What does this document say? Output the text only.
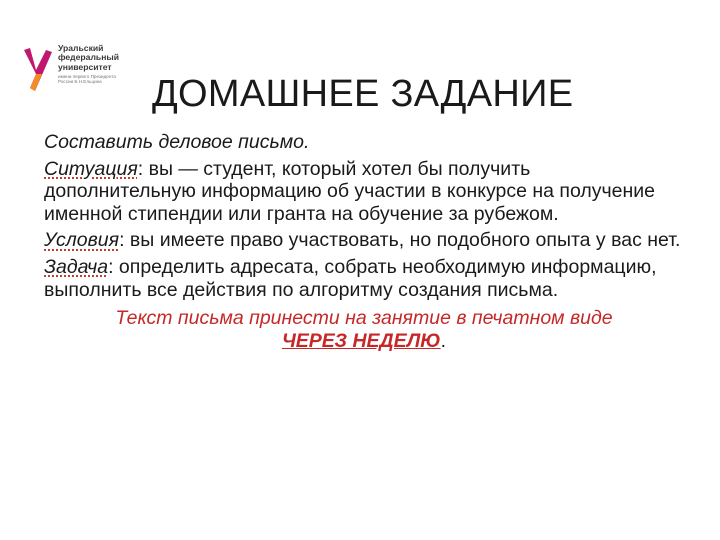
Уральский
федеральный
университет
имени первого Президента России Б.Н.Ельцина	ДОМАШНЕЕ ЗАДАНИЕ

Составить деловое письмо.

Ситуация: вы — студент, который хотел бы получить дополнительную информацию об участии в конкурсе на получение именной стипендии или гранта на обучение за рубежом.

Условия: вы имеете право участвовать, но подобного опыта у вас нет.

Задача: определить адресата, собрать необходимую информацию, выполнить все действия по алгоритму создания письма.

Текст письма принести на занятие в печатном виде
ЧЕРЕЗ НЕДЕЛЮ.
